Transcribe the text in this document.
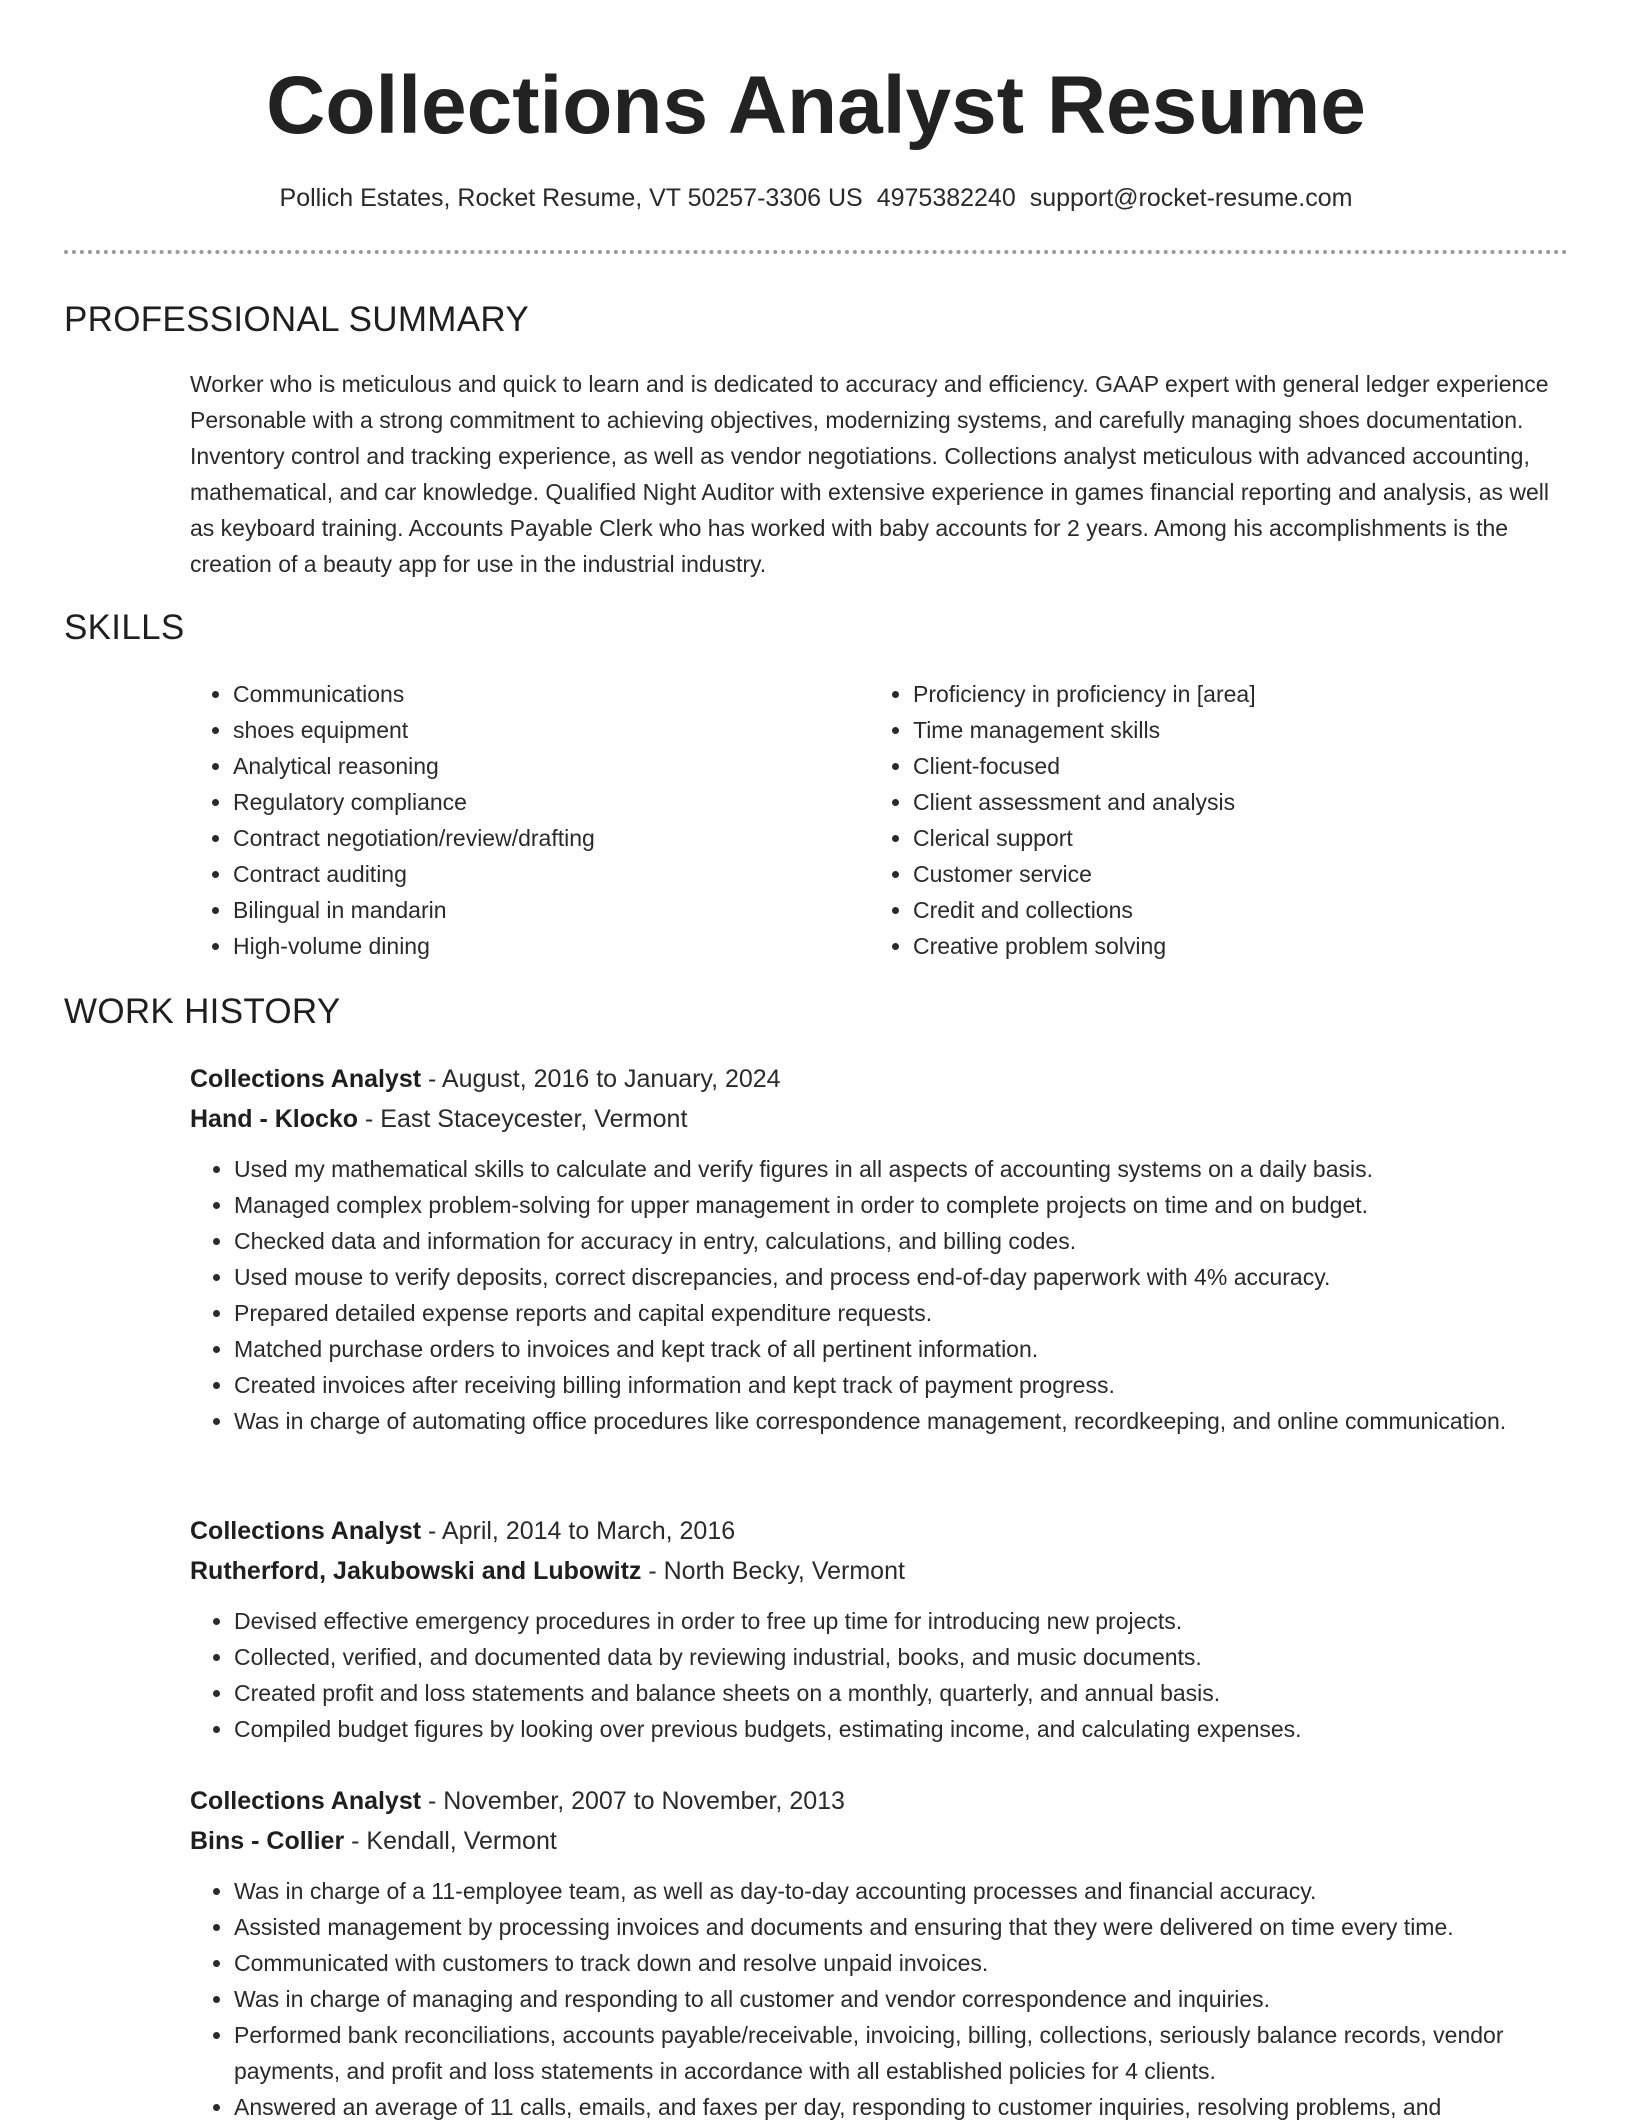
Collections Analyst Resume
Pollich Estates, Rocket Resume, VT 50257-3306 US 4975382240 support@rocket-resume.com
PROFESSIONAL SUMMARY

Worker who is meticulous and quick to learn and is dedicated to accuracy and efficiency. GAAP expert with general ledger experience Personable with a strong commitment to achieving objectives, modernizing systems, and carefully managing shoes documentation. Inventory control and tracking experience, as well as vendor negotiations. Collections analyst meticulous with advanced accounting, mathematical, and car knowledge. Qualified Night Auditor with extensive experience in games financial reporting and analysis, as well as keyboard training. Accounts Payable Clerk who has worked with baby accounts for 2 years. Among his accomplishments is the creation of a beauty app for use in the industrial industry.

SKILLS
• Communications
• shoes equipment
• Analytical reasoning
• Regulatory compliance
• Contract negotiation/review/drafting
• Contract auditing
• Bilingual in mandarin
• High-volume dining
• Proficiency in proficiency in [area]
• Time management skills
• Client-focused
• Client assessment and analysis
• Clerical support
• Customer service
• Credit and collections
• Creative problem solving
WORK HISTORY

Collections Analyst - August, 2016 to January, 2024

Hand - Klocko - East Staceycester, Vermont

• Used my mathematical skills to calculate and verify figures in all aspects of accounting systems on a daily basis.
• Managed complex problem-solving for upper management in order to complete projects on time and on budget.
• Checked data and information for accuracy in entry, calculations, and billing codes.
• Used mouse to verify deposits, correct discrepancies, and process end-of-day paperwork with 4% accuracy.
• Prepared detailed expense reports and capital expenditure requests.
• Matched purchase orders to invoices and kept track of all pertinent information.
• Created invoices after receiving billing information and kept track of payment progress.
• Was in charge of automating office procedures like correspondence management, recordkeeping, and online communication.

Collections Analyst - April, 2014 to March, 2016

Rutherford, Jakubowski and Lubowitz - North Becky, Vermont

• Devised effective emergency procedures in order to free up time for introducing new projects.
• Collected, verified, and documented data by reviewing industrial, books, and music documents.
• Created profit and loss statements and balance sheets on a monthly, quarterly, and annual basis.
• Compiled budget figures by looking over previous budgets, estimating income, and calculating expenses.

Collections Analyst - November, 2007 to November, 2013

Bins - Collier - Kendall, Vermont

• Was in charge of a 11-employee team, as well as day-to-day accounting processes and financial accuracy.
• Assisted management by processing invoices and documents and ensuring that they were delivered on time every time.
• Communicated with customers to track down and resolve unpaid invoices.
• Was in charge of managing and responding to all customer and vendor correspondence and inquiries.
• Performed bank reconciliations, accounts payable/receivable, invoicing, billing, collections, seriously balance records, vendor payments, and profit and loss statements in accordance with all established policies for 4 clients.
• Answered an average of 11 calls, emails, and faxes per day, responding to customer inquiries, resolving problems, and
